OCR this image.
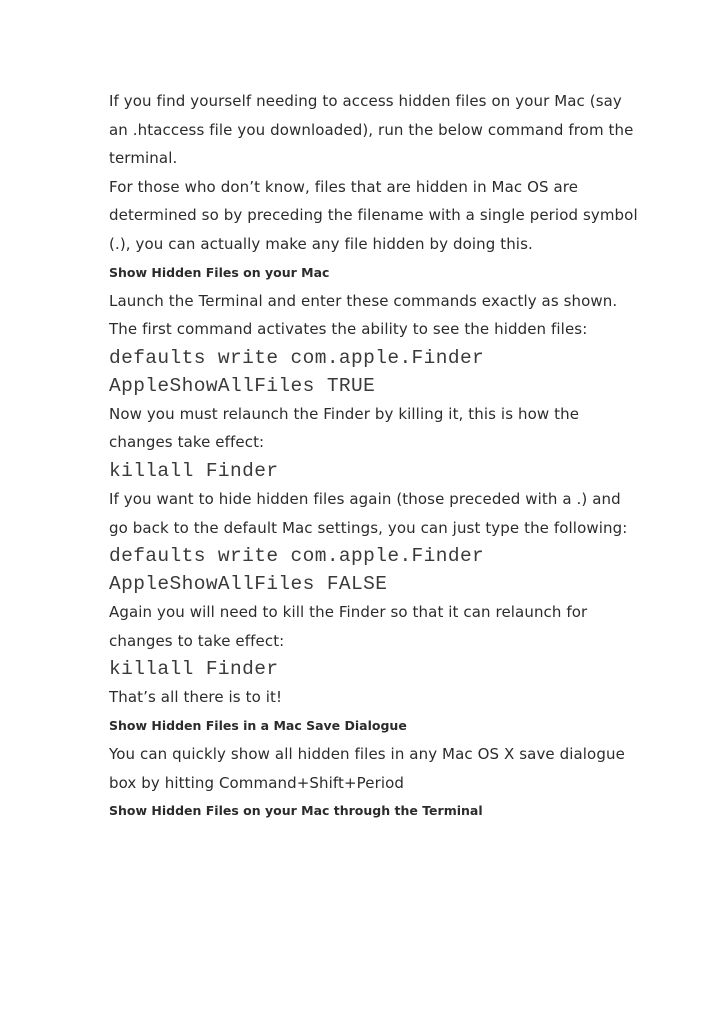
If you find yourself needing to access hidden files on your Mac (say an .htaccess file you downloaded), run the below command from the terminal.

For those who don’t know, files that are hidden in Mac OS are determined so by preceding the filename with a single period symbol (.), you can actually make any file hidden by doing this.

Show Hidden Files on your Mac

Launch the Terminal and enter these commands exactly as shown. The first command activates the ability to see the hidden files:

defaults write com.apple.Finder

AppleShowAllFiles TRUE

Now you must relaunch the Finder by killing it, this is how the changes take effect:

killall Finder

If you want to hide hidden files again (those preceded with a .) and go back to the default Mac settings, you can just type the following:

defaults write com.apple.Finder

AppleShowAllFiles FALSE

Again you will need to kill the Finder so that it can relaunch for changes to take effect:

killall Finder

That’s all there is to it!

Show Hidden Files in a Mac Save Dialogue

You can quickly show all hidden files in any Mac OS X save dialogue box by hitting Command+Shift+Period

Show Hidden Files on your Mac through the Terminal
